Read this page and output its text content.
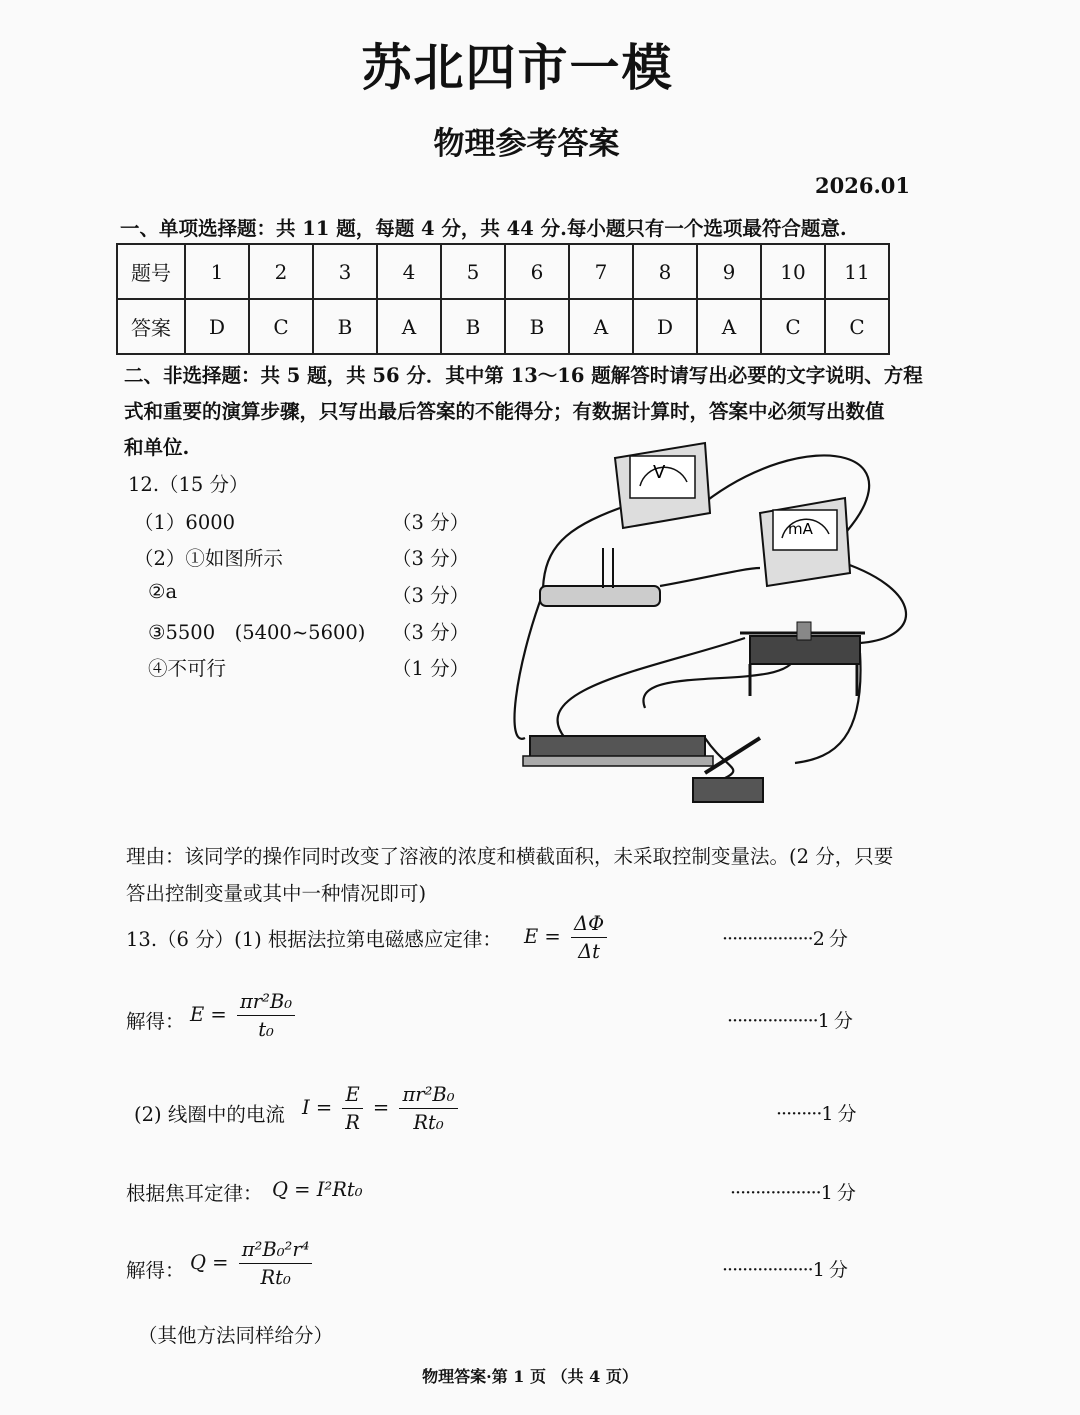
苏北四市一模
物理参考答案
2026.01
一、单项选择题：共 11 题，每题 4 分，共 44 分.每小题只有一个选项最符合题意.
题号	1	2	3	4	5	6	7	8	9	10	11
答案	D	C	B	A	B	B	A	D	A	C	C
二、非选择题：共 5 题，共 56 分．其中第 13～16 题解答时请写出必要的文字说明、方程
式和重要的演算步骤，只写出最后答案的不能得分；有数据计算时，答案中必须写出数值
和单位.
12.（15 分）
（1）6000	（3 分）
（2）①如图所示	（3 分）
②a	（3 分）
③5500　(5400~5600) （3 分）
④不可行	（1 分）
V
mA
理由：该同学的操作同时改变了溶液的浓度和横截面积，未采取控制变量法。(2 分，只要
答出控制变量或其中一种情况即可)
13.（6 分）(1) 根据法拉第电磁感应定律： $E = \frac{\Delta\Phi}{\Delta t}$	··················2 分
解得： $E = \frac{\text{πr²B₀}}{\text{t₀}}$	··················1 分
(2) 线圈中的电流 $I = \frac{E}{R} = \frac{\text{πr²B₀}}{\text{Rt₀}}$	·········1 分
根据焦耳定律： Q = I²Rt₀	··················1 分
解得： $Q = \frac{\text{π²B₀²r⁴}}{\text{Rt₀}}$	··················1 分
（其他方法同样给分）
物理答案·第 1 页 （共 4 页）
